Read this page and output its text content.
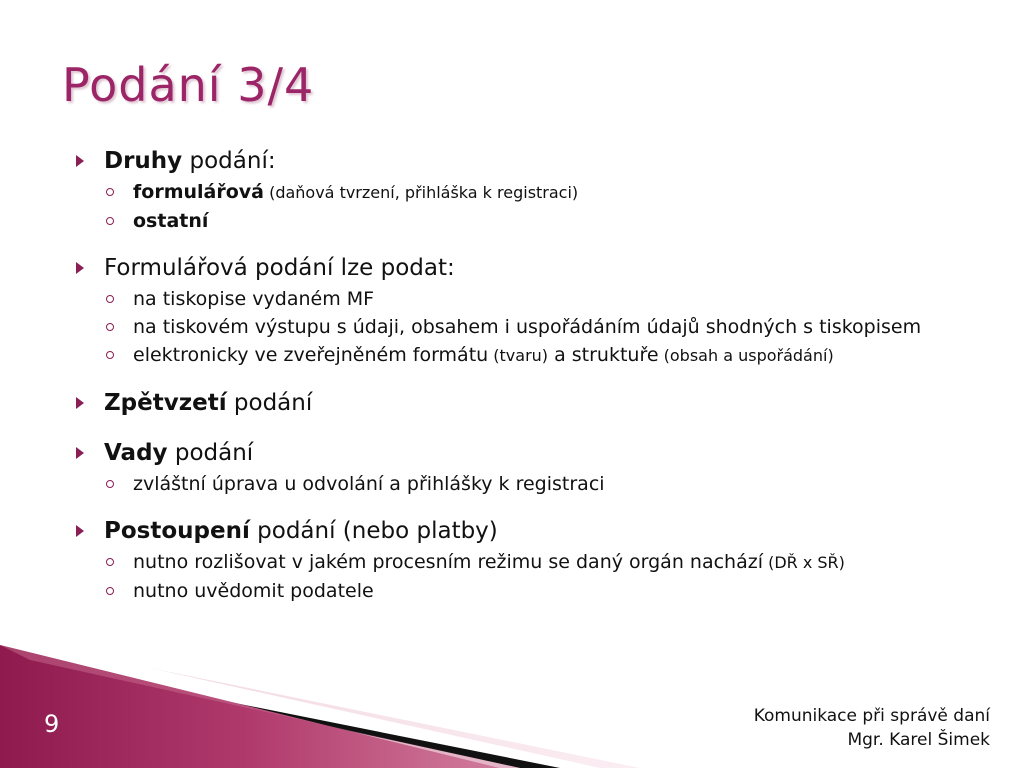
Podání 3/4

Druhy podání:

formulářová (daňová tvrzení, přihláška k registraci)

ostatní

Formulářová podání lze podat:

na tiskopise vydaném MF

na tiskovém výstupu s údaji, obsahem i uspořádáním údajů shodných s tiskopisem

elektronicky ve zveřejněném formátu (tvaru) a struktuře (obsah a uspořádání)

Zpětvzetí podání

Vady podání

zvláštní úprava u odvolání a přihlášky k registraci

Postoupení podání (nebo platby)

nutno rozlišovat v jakém procesním režimu se daný orgán nachází (DŘ x SŘ)

nutno uvědomit podatele

9	Komunikace při správě daní
Mgr. Karel Šimek
